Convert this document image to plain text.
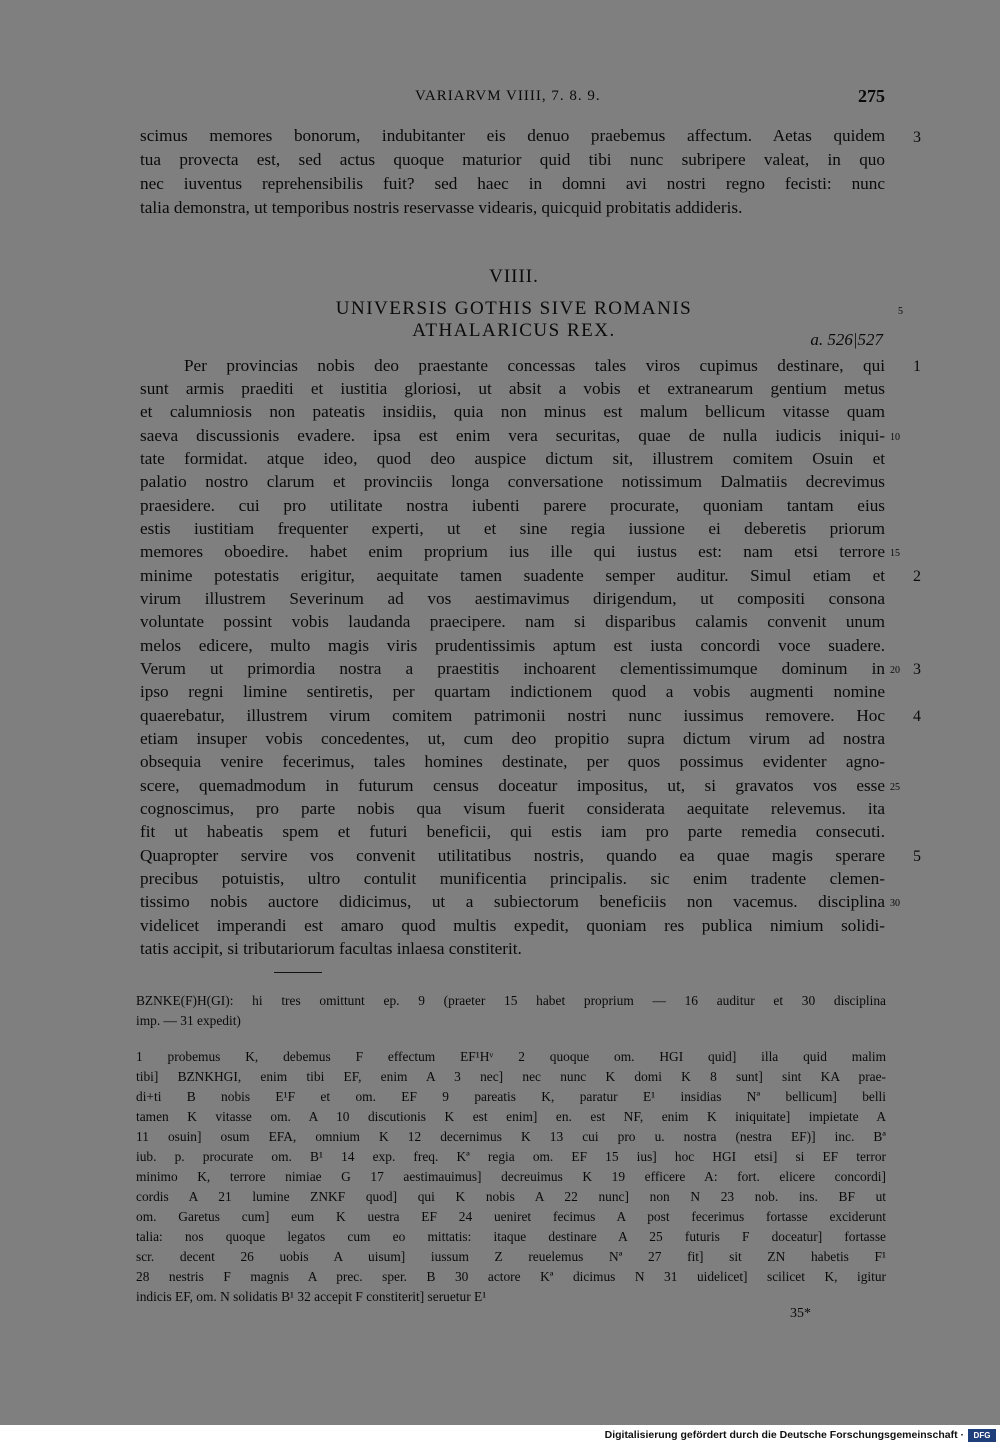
VARIARVM VIIII, 7. 8. 9.	275
scimus memores bonorum, indubitanter eis denuo praebemus affectum. Aetas quidem
tua provecta est, sed actus quoque maturior quid tibi nunc subripere valeat, in quo
nec iuventus reprehensibilis fuit? sed haec in domni avi nostri regno fecisti: nunc
talia demonstra, ut temporibus nostris reservasse videaris, quicquid probitatis addideris.
3
VIIII.
UNIVERSIS GOTHIS SIVE ROMANIS
ATHALARICUS REX.
5
a. 526|527
Per provincias nobis deo praestante concessas tales viros cupimus destinare, qui
sunt armis praediti et iustitia gloriosi, ut absit a vobis et extranearum gentium metus
et calumniosis non pateatis insidiis, quia non minus est malum bellicum vitasse quam
saeva discussionis evadere. ipsa est enim vera securitas, quae de nulla iudicis iniqui-
tate formidat. atque ideo, quod deo auspice dictum sit, illustrem comitem Osuin et
palatio nostro clarum et provinciis longa conversatione notissimum Dalmatiis decrevimus
praesidere. cui pro utilitate nostra iubenti parere procurate, quoniam tantam eius
estis iustitiam frequenter experti, ut et sine regia iussione ei deberetis priorum
memores oboedire. habet enim proprium ius ille qui iustus est: nam etsi terrore
minime potestatis erigitur, aequitate tamen suadente semper auditur. Simul etiam et
virum illustrem Severinum ad vos aestimavimus dirigendum, ut compositi consona
voluntate possint vobis laudanda praecipere. nam si disparibus calamis convenit unum
melos edicere, multo magis viris prudentissimis aptum est iusta concordi voce suadere.
Verum ut primordia nostra a praestitis inchoarent clementissimumque dominum in
ipso regni limine sentiretis, per quartam indictionem quod a vobis augmenti nomine
quaerebatur, illustrem virum comitem patrimonii nostri nunc iussimus removere. Hoc
etiam insuper vobis concedentes, ut, cum deo propitio supra dictum virum ad nostra
obsequia venire fecerimus, tales homines destinate, per quos possimus evidenter agno-
scere, quemadmodum in futurum census doceatur impositus, ut, si gravatos vos esse
cognoscimus, pro parte nobis qua visum fuerit considerata aequitate relevemus. ita
fit ut habeatis spem et futuri beneficii, qui estis iam pro parte remedia consecuti.
Quapropter servire vos convenit utilitatibus nostris, quando ea quae magis sperare
precibus potuistis, ultro contulit munificentia principalis. sic enim tradente clemen-
tissimo nobis auctore didicimus, ut a subiectorum beneficiis non vacemus. disciplina
videlicet imperandi est amaro quod multis expedit, quoniam res publica nimium solidi-
tatis accipit, si tributariorum facultas inlaesa constiterit.
10
15
20
25
30
1
2
3
4
5
BZNKE(F)H(GI): hi tres omittunt ep. 9 (praeter 15 habet proprium — 16 auditur et 30 disciplina
imp. — 31 expedit)
1 probemus K, debemus F effectum EF¹Hᵛ 2 quoque om. HGI quid] illa quid malim
tibi] BZNKHGI, enim tibi EF, enim A 3 nec] nec nunc K domi K 8 sunt] sint KA prae-
di+ti B nobis E¹F et om. EF 9 pareatis K, paratur E¹ insidias Nª bellicum] belli
tamen K vitasse om. A 10 discutionis K est enim] en. est NF, enim K iniquitate] impietate A
11 osuin] osum EFA, omnium K 12 decernimus K 13 cui pro u. nostra (nestra EF)] inc. Bª
iub. p. procurate om. B¹ 14 exp. freq. Kª regia om. EF 15 ius] hoc HGI etsi] si EF terror
minimo K, terrore nimiae G 17 aestimauimus] decreuimus K 19 efficere A: fort. elicere concordi]
cordis A 21 lumine ZNKF quod] qui K nobis A 22 nunc] non N 23 nob. ins. BF ut
om. Garetus cum] eum K uestra EF 24 ueniret fecimus A post fecerimus fortasse exciderunt
talia: nos quoque legatos cum eo mittatis: itaque destinare A 25 futuris F doceatur] fortasse
scr. decent 26 uobis A uisum] iussum Z reuelemus Nª 27 fit] sit ZN habetis F¹
28 nestris F magnis A prec. sper. B 30 actore Kª dicimus N 31 uidelicet] scilicet K, igitur
indicis EF, om. N solidatis B¹ 32 accepit F constiterit] seruetur E¹
35*
Digitalisierung gefördert durch die Deutsche Forschungsgemeinschaft ·	DFG
